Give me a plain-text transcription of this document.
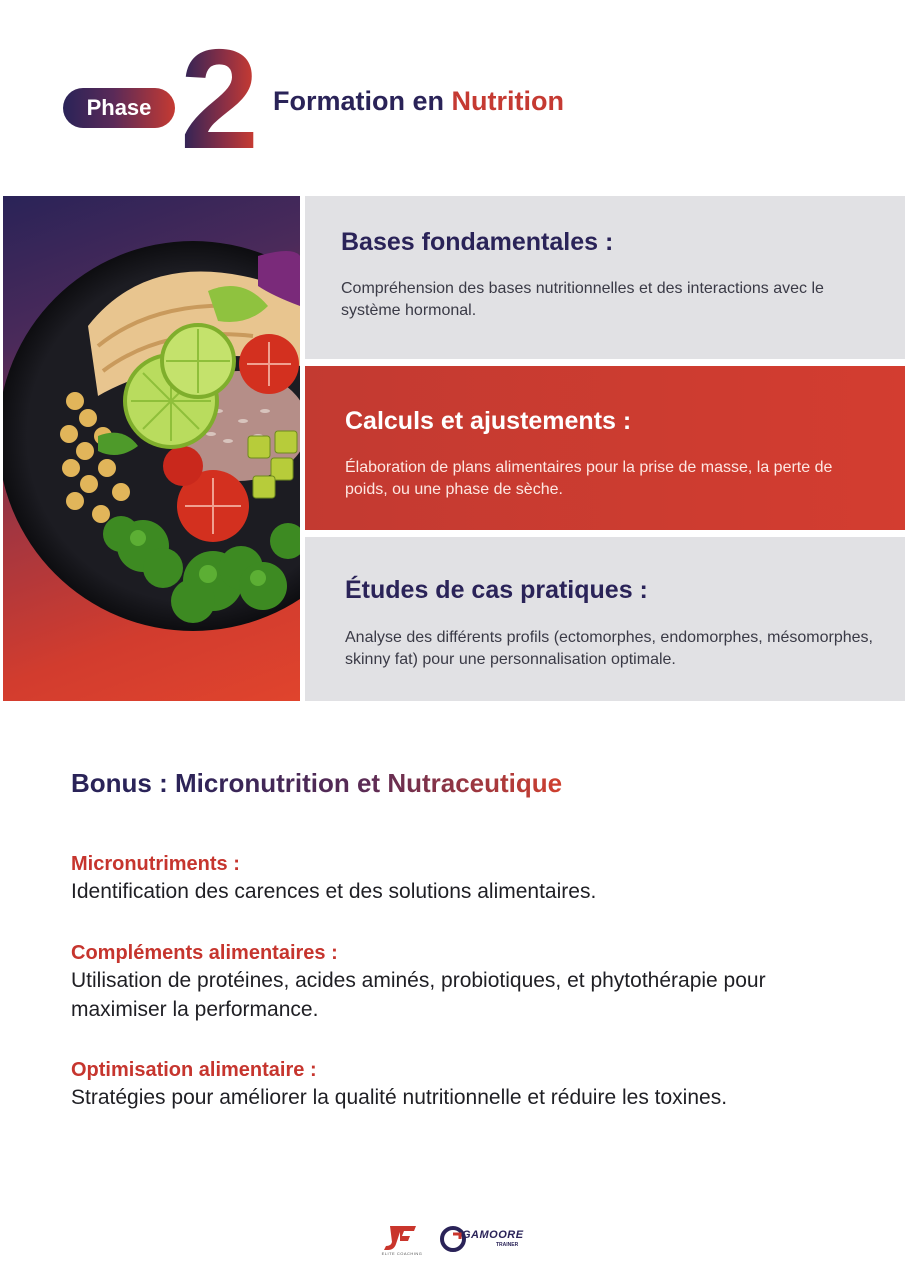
Phase 2 Formation en Nutrition
Bases fondamentales :

Compréhension des bases nutritionnelles et des interactions avec le système hormonal.

Calculs et ajustements :

Élaboration de plans alimentaires pour la prise de masse, la perte de poids, ou une phase de sèche.

Études de cas pratiques :

Analyse des différents profils (ectomorphes, endomorphes, mésomorphes, skinny fat) pour une personnalisation optimale.

Bonus : Micronutrition et Nutraceutique
Micronutriments :
Identification des carences et des solutions alimentaires.
Compléments alimentaires :
Utilisation de protéines, acides aminés, probiotiques, et phytothérapie pour maximiser la performance.
Optimisation alimentaire :
Stratégies pour améliorer la qualité nutritionnelle et réduire les toxines.
ELITE COACHING
GAMOORE
TRAINER
